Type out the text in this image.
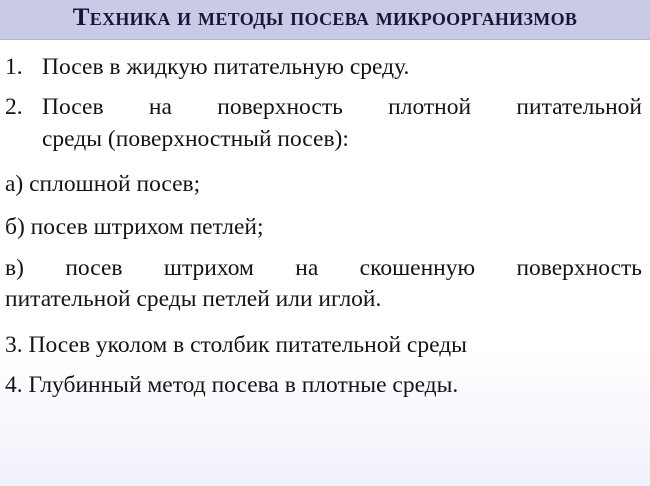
Техника и методы посева микроорганизмов
1. Посев в жидкую питательную среду.
2. Посев на поверхность плотной питательной
среды (поверхностный посев):
а) сплошной посев;
б) посев штрихом петлей;
в) посев штрихом на скошенную поверхность
питательной среды петлей или иглой.
3. Посев уколом в столбик питательной среды
4. Глубинный метод посева в плотные среды.
